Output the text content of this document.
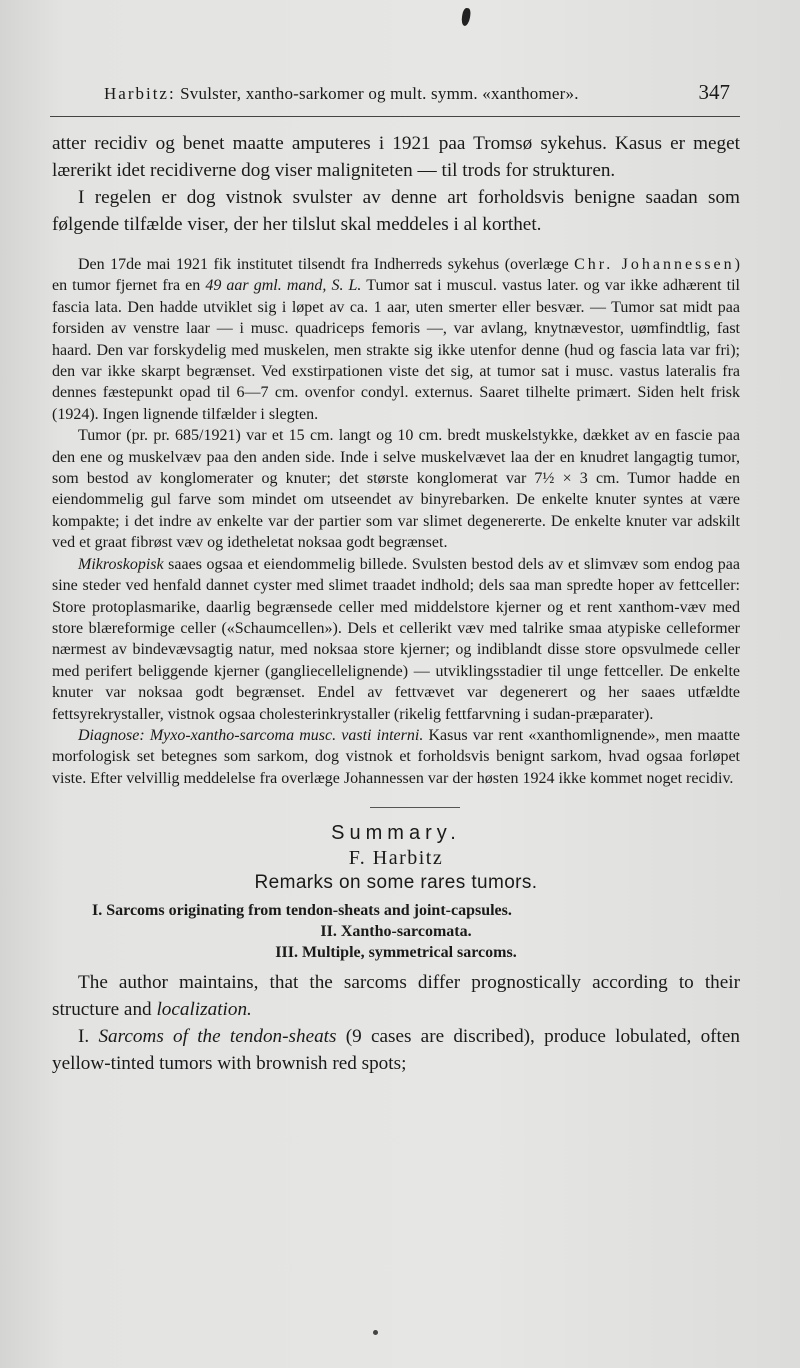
Harbitz: Svulster, xantho-sarkomer og mult. symm. «xanthomer».	347

atter recidiv og benet maatte amputeres i 1921 paa Tromsø sykehus. Kasus er meget lærerikt idet recidiverne dog viser maligniteten — til trods for strukturen.

I regelen er dog vistnok svulster av denne art forholdsvis benigne saadan som følgende tilfælde viser, der her tilslut skal meddeles i al korthet.

Den 17de mai 1921 fik institutet tilsendt fra Indherreds sykehus (overlæge Chr. Johannessen) en tumor fjernet fra en 49 aar gml. mand, S. L. Tumor sat i muscul. vastus later. og var ikke adhærent til fascia lata. Den hadde utviklet sig i løpet av ca. 1 aar, uten smerter eller besvær. — Tumor sat midt paa forsiden av venstre laar — i musc. quadriceps femoris —, var avlang, knytnævestor, uømfindtlig, fast haard. Den var forskydelig med muskelen, men strakte sig ikke utenfor denne (hud og fascia lata var fri); den var ikke skarpt begrænset. Ved exstirpationen viste det sig, at tumor sat i musc. vastus lateralis fra dennes fæstepunkt opad til 6—7 cm. ovenfor condyl. externus. Saaret tilhelte primært. Siden helt frisk (1924). Ingen lignende tilfælder i slegten.

Tumor (pr. pr. 685/1921) var et 15 cm. langt og 10 cm. bredt muskelstykke, dækket av en fascie paa den ene og muskelvæv paa den anden side. Inde i selve muskelvævet laa der en knudret langagtig tumor, som bestod av konglomerater og knuter; det største konglomerat var 7½ × 3 cm. Tumor hadde en eiendommelig gul farve som mindet om utseendet av binyrebarken. De enkelte knuter syntes at være kompakte; i det indre av enkelte var der partier som var slimet degenererte. De enkelte knuter var adskilt ved et graat fibrøst væv og idetheletat noksaa godt begrænset.

Mikroskopisk saaes ogsaa et eiendommelig billede. Svulsten bestod dels av et slimvæv som endog paa sine steder ved henfald dannet cyster med slimet traadet indhold; dels saa man spredte hoper av fettceller: Store protoplasmarike, daarlig begrænsede celler med middelstore kjerner og et rent xanthom-væv med store blæreformige celler («Schaumcellen»). Dels et cellerikt væv med talrike smaa atypiske celleformer nærmest av bindevævsagtig natur, med noksaa store kjerner; og indiblandt disse store opsvulmede celler med perifert beliggende kjerner (gangliecellelignende) — utviklingsstadier til unge fettceller. De enkelte knuter var noksaa godt begrænset. Endel av fettvævet var degenerert og her saaes utfældte fettsyrekrystaller, vistnok ogsaa cholesterinkrystaller (rikelig fettfarvning i sudan-præparater).

Diagnose: Myxo-xantho-sarcoma musc. vasti interni. Kasus var rent «xanthomlignende», men maatte morfologisk set betegnes som sarkom, dog vistnok et forholdsvis benignt sarkom, hvad ogsaa forløpet viste. Efter velvillig meddelelse fra overlæge Johannessen var der høsten 1924 ikke kommet noget recidiv.

Summary.

F. Harbitz

Remarks on some rares tumors.

I. Sarcoms originating from tendon-sheats and joint-capsules.

II. Xantho-sarcomata.

III. Multiple, symmetrical sarcoms.

The author maintains, that the sarcoms differ prognostically according to their structure and localization.

I. Sarcoms of the tendon-sheats (9 cases are discribed), produce lobulated, often yellow-tinted tumors with brownish red spots;
